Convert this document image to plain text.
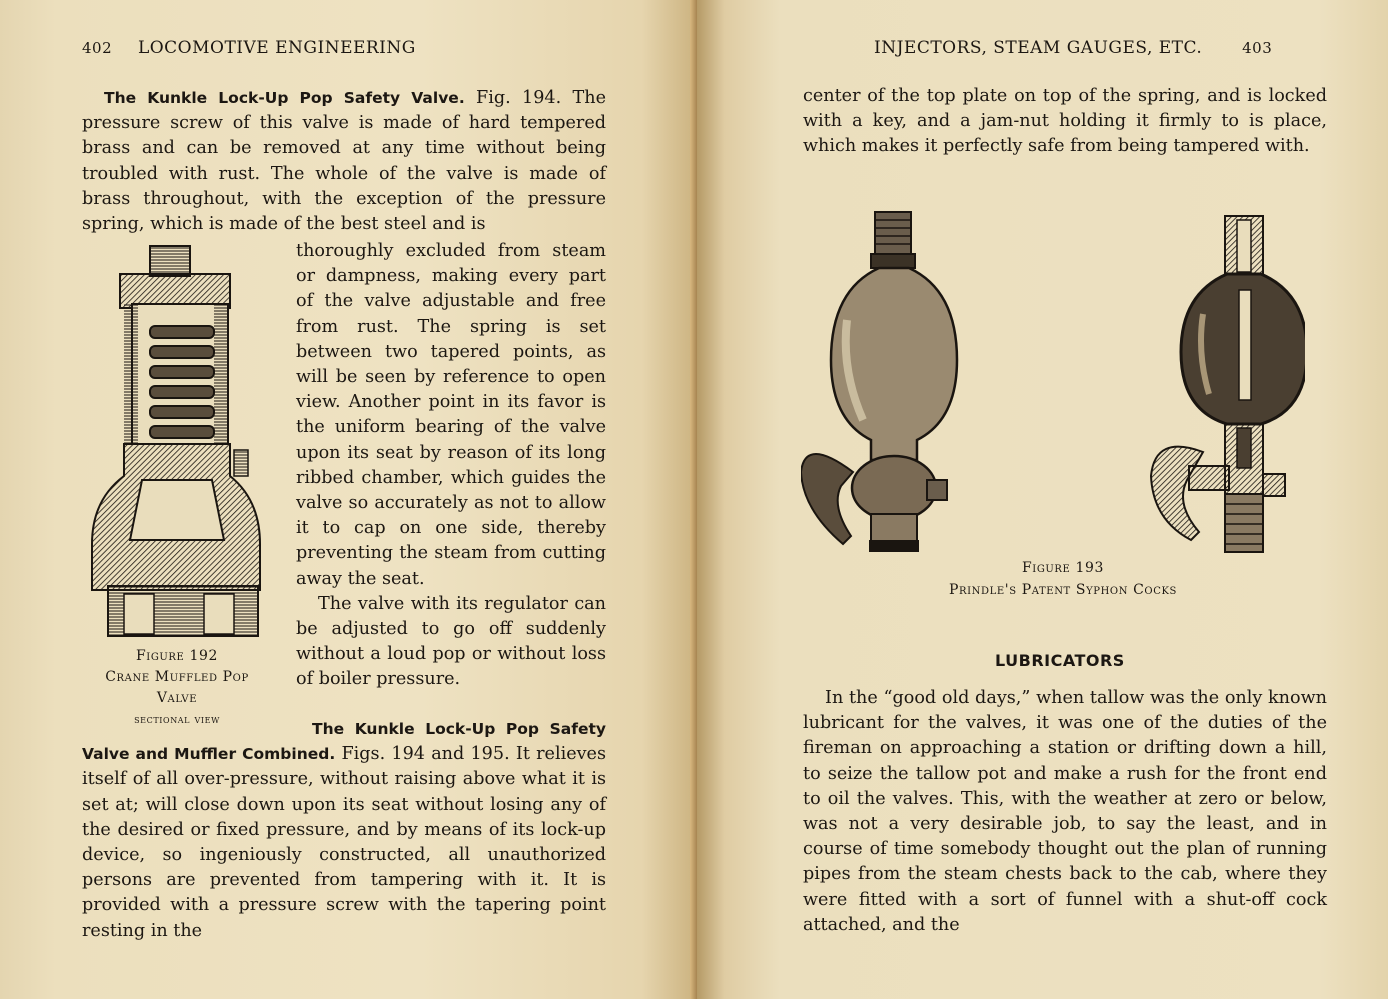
402 LOCOMOTIVE ENGINEERING

The Kunkle Lock-Up Pop Safety Valve. Fig. 194. The pressure screw of this valve is made of hard tempered brass and can be removed at any time without being troubled with rust. The whole of the valve is made of brass throughout, with the exception of the pressure spring, which is made of the best steel and is

thoroughly excluded from steam or dampness, making every part of the valve adjustable and free from rust. The spring is set between two tapered points, as will be seen by reference to open view. Another point in its favor is the uniform bearing of the valve upon its seat by reason of its long ribbed chamber, which guides the valve so accurately as not to allow it to cap on one side, thereby preventing the steam from cutting away the seat.

The valve with its regulator can be adjusted to go off suddenly without a loud pop or without loss of boiler pressure.

The Kunkle Lock-Up Pop Safety Valve and Muffler Combined. Figs. 194 and 195. It relieves itself of all over-pressure, without raising above what it is set at; will close down upon its seat without losing any of the desired or fixed pressure, and by means of its lock-up device, so ingeniously constructed, all unauthorized persons are prevented from tampering with it. It is provided with a pressure screw with the tapering point resting in the

Figure 192
Crane Muffled Pop
Valve
sectional view
INJECTORS, STEAM GAUGES, ETC.	403

center of the top plate on top of the spring, and is locked with a key, and a jam-nut holding it firmly to is place, which makes it perfectly safe from being tampered with.

Figure 193
Prindle's Patent Syphon Cocks
LUBRICATORS

In the “good old days,” when tallow was the only known lubricant for the valves, it was one of the duties of the fireman on approaching a station or drifting down a hill, to seize the tallow pot and make a rush for the front end to oil the valves. This, with the weather at zero or below, was not a very desirable job, to say the least, and in course of time somebody thought out the plan of running pipes from the steam chests back to the cab, where they were fitted with a sort of funnel with a shut-off cock attached, and the
